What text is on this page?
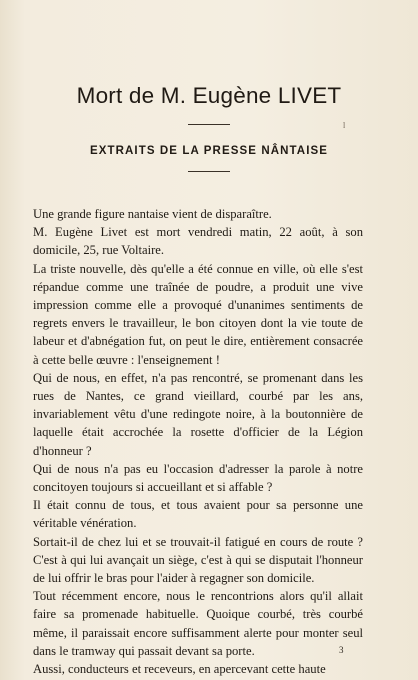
Mort de M. Eugène LIVET
l
EXTRAITS DE LA PRESSE NÂNTAISE

Une grande figure nantaise vient de disparaître.

M. Eugène Livet est mort vendredi matin, 22 août, à son domicile, 25, rue Voltaire.

La triste nouvelle, dès qu'elle a été connue en ville, où elle s'est répandue comme une traînée de poudre, a produit une vive impression comme elle a provoqué d'unanimes sentiments de regrets envers le travailleur, le bon citoyen dont la vie toute de labeur et d'abnégation fut, on peut le dire, entièrement consacrée à cette belle œuvre : l'enseignement !

Qui de nous, en effet, n'a pas rencontré, se promenant dans les rues de Nantes, ce grand vieillard, courbé par les ans, invariablement vêtu d'une redingote noire, à la boutonnière de laquelle était accrochée la rosette d'officier de la Légion d'honneur ?

Qui de nous n'a pas eu l'occasion d'adresser la parole à notre concitoyen toujours si accueillant et si affable ?

Il était connu de tous, et tous avaient pour sa personne une véritable vénération.

Sortait-il de chez lui et se trouvait-il fatigué en cours de route ? C'est à qui lui avançait un siège, c'est à qui se disputait l'honneur de lui offrir le bras pour l'aider à regagner son domicile.

Tout récemment encore, nous le rencontrions alors qu'il allait faire sa promenade habituelle. Quoique courbé, très courbé même, il paraissait encore suffisamment alerte pour monter seul dans le tramway qui passait devant sa porte.

Aussi, conducteurs et receveurs, en apercevant cette haute

3
